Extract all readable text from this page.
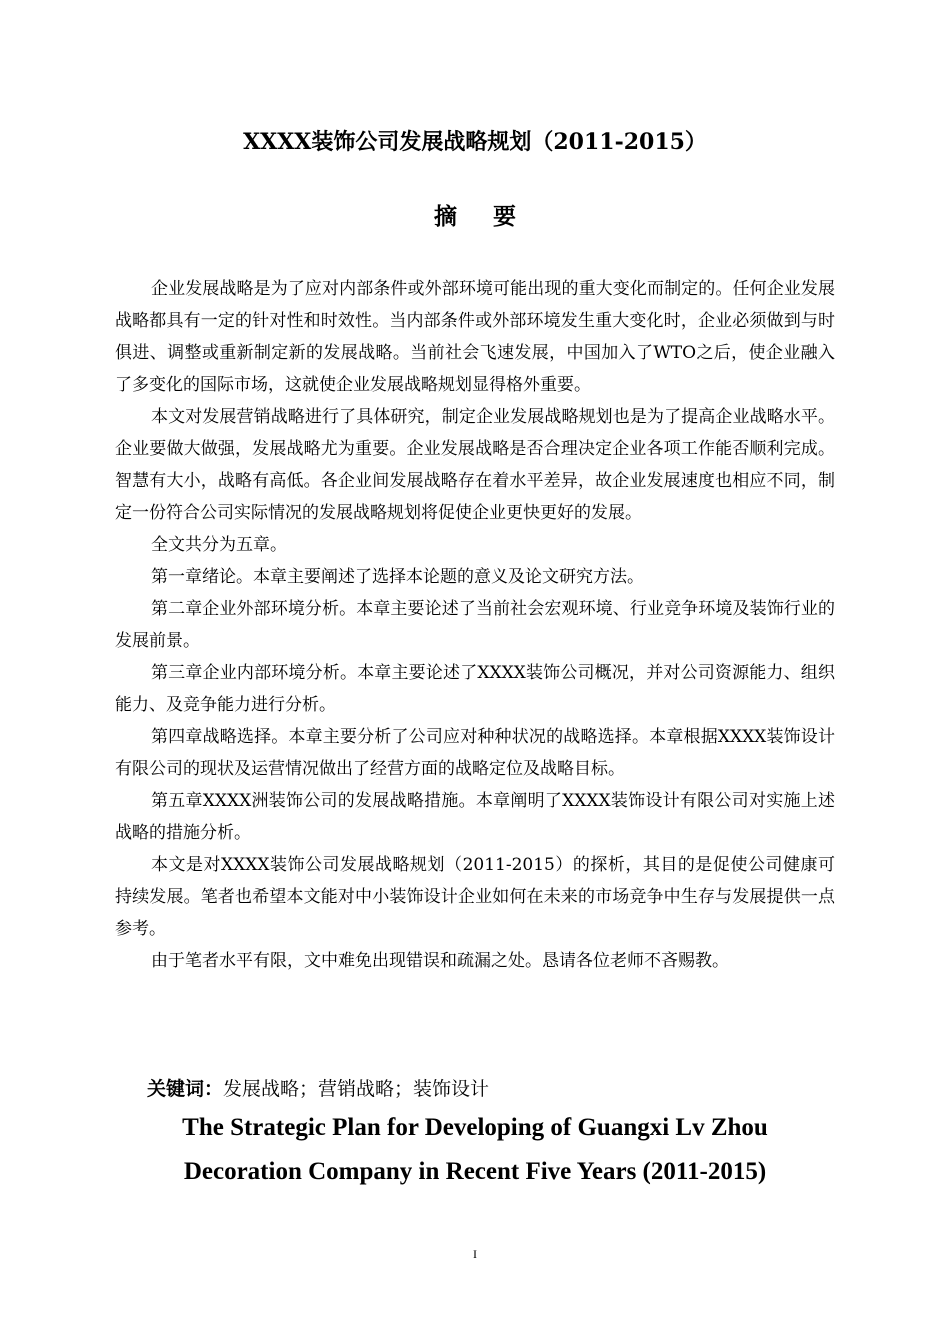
XXXX装饰公司发展战略规划（2011-2015）
摘 要

企业发展战略是为了应对内部条件或外部环境可能出现的重大变化而制定的。任何企业发展战略都具有一定的针对性和时效性。当内部条件或外部环境发生重大变化时，企业必须做到与时俱进、调整或重新制定新的发展战略。当前社会飞速发展，中国加入了WTO之后，使企业融入了多变化的国际市场，这就使企业发展战略规划显得格外重要。

本文对发展营销战略进行了具体研究，制定企业发展战略规划也是为了提高企业战略水平。企业要做大做强，发展战略尤为重要。企业发展战略是否合理决定企业各项工作能否顺利完成。智慧有大小，战略有高低。各企业间发展战略存在着水平差异，故企业发展速度也相应不同，制定一份符合公司实际情况的发展战略规划将促使企业更快更好的发展。

全文共分为五章。

第一章绪论。本章主要阐述了选择本论题的意义及论文研究方法。

第二章企业外部环境分析。本章主要论述了当前社会宏观环境、行业竞争环境及装饰行业的发展前景。

第三章企业内部环境分析。本章主要论述了XXXX装饰公司概况，并对公司资源能力、组织能力、及竞争能力进行分析。

第四章战略选择。本章主要分析了公司应对种种状况的战略选择。本章根据XXXX装饰设计有限公司的现状及运营情况做出了经营方面的战略定位及战略目标。

第五章XXXX洲装饰公司的发展战略措施。本章阐明了XXXX装饰设计有限公司对实施上述战略的措施分析。

本文是对XXXX装饰公司发展战略规划（2011-2015）的探析，其目的是促使公司健康可持续发展。笔者也希望本文能对中小装饰设计企业如何在未来的市场竞争中生存与发展提供一点参考。

由于笔者水平有限，文中难免出现错误和疏漏之处。恳请各位老师不吝赐教。

关键词：发展战略；营销战略；装饰设计
The Strategic Plan for Developing of Guangxi Lv Zhou
Decoration Company in Recent Five Years (2011-2015)
I
